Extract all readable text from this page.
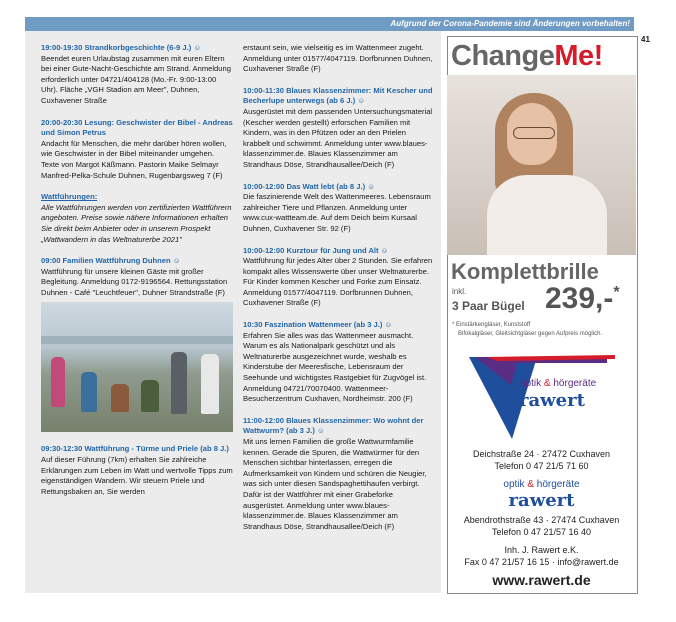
Aufgrund der Corona-Pandemie sind Änderungen vorbehalten!
41
19:00-19:30 Strandkorbgeschichte (6-9 J.) ☺
Beendet euren Urlaubstag zusammen mit euren Eltern bei einer Gute-Nacht-Geschichte am Strand. Anmeldung erforderlich unter 04721/404128 (Mo.-Fr. 9:00-13:00 Uhr). Fläche „VGH Stadion am Meer", Duhnen, Cuxhavener Straße
20:00-20:30 Lesung: Geschwister der Bibel - Andreas und Simon Petrus
Andacht für Menschen, die mehr darüber hören wollen, wie Geschwister in der Bibel miteinander umgehen. Texte von Margot Käßmann. Pastorin Maike Selmayr Manfred-Pelka-Schule Duhnen, Rugenbargsweg 7 (F)
Wattführungen:
Alle Wattführungen werden von zertifizierten Wattführern angeboten. Preise sowie nähere Informationen erhalten Sie direkt beim Anbieter oder in unserem Prospekt „Wattwandern in das Weltnaturerbe 2021"
09:00 Familien Wattführung Duhnen ☺
Wattführung für unsere kleinen Gäste mit großer Begleitung. Anmeldung 0172-9196564. Rettungsstation Duhnen - Café "Leuchtfeuer", Duhner Strandstraße (F)
09:30-12:30 Wattführung - Türme und Priele (ab 8 J.)
Auf dieser Führung (7km) erhalten Sie zahlreiche Erklärungen zum Leben im Watt und wertvolle Tipps zum eigenständigen Wandern. Wir steuern Priele und Rettungsbaken an, Sie werden
erstaunt sein, wie vielseitig es im Wattenmeer zugeht. Anmeldung unter 01577/4047119. Dorfbrunnen Duhnen, Cuxhavener Straße (F)
10:00-11:30 Blaues Klassenzimmer: Mit Kescher und Becherlupe unterwegs (ab 6 J.) ☺
Ausgerüstet mit dem passenden Untersuchungsmaterial (Kescher werden gestellt) erforschen Familien mit Kindern, was in den Pfützen oder an den Prielen krabbelt und schwimmt. Anmeldung unter www.blaues-klassenzimmer.de. Blaues Klassenzimmer am Strandhaus Döse, Strandhausallee/Deich (F)
10:00-12:00 Das Watt lebt (ab 8 J.) ☺
Die faszinierende Welt des Wattenmeeres. Lebensraum zahlreicher Tiere und Pflanzen. Anmeldung unter www.cux-wattteam.de. Auf dem Deich beim Kursaal Duhnen, Cuxhavener Str. 92 (F)
10:00-12:00 Kurztour für Jung und Alt ☺
Wattführung für jedes Alter über 2 Stunden. Sie erfahren kompakt alles Wissenswerte über unser Weltnaturerbe. Für Kinder kommen Kescher und Forke zum Einsatz. Anmeldung 01577/4047119. Dorfbrunnen Duhnen, Cuxhavener Straße (F)
10:30 Faszination Wattenmeer (ab 3 J.) ☺
Erfahren Sie alles was das Wattenmeer ausmacht. Warum es als Nationalpark geschützt und als Weltnaturerbe ausgezeichnet wurde, weshalb es Kinderstube der Meeresfische, Lebensraum der Seehunde und wichtigstes Rastgebiet für Zugvögel ist. Anmeldung 04721/70070400. Wattenmeer-Besucherzentrum Cuxhaven, Nordheimstr. 200 (F)
11:00-12:00 Blaues Klassenzimmer: Wo wohnt der Wattwurm? (ab 3 J.) ☺
Mit uns lernen Familien die große Wattwurmfamilie kennen. Gerade die Spuren, die Wattwürmer für den Menschen sichtbar hinterlassen, erregen die Aufmerksamkeit von Kindern und schüren die Neugier, was sich unter diesen Sandspaghettihaufen verbirgt. Dafür ist der Wattführer mit einer Grabeforke ausgerüstet. Anmeldung unter www.blaues-klassenzimmer.de. Blaues Klassenzimmer am Strandhaus Döse, Strandhausallee/Deich (F)
ChangeMe!
Komplettbrille
inkl.
3 Paar Bügel 239,-*
* Einstärkengläser, Kunststoff
Bifokalgläser, Gleitsichtgläser gegen Aufpreis möglich.
optik & hörgeräte
rawert
Deichstraße 24 · 27472 Cuxhaven
Telefon 0 47 21/5 71 60
optik & hörgeräte
rawert
Abendrothstraße 43 · 27474 Cuxhaven
Telefon 0 47 21/57 16 40
Inh. J. Rawert e.K.
Fax 0 47 21/57 16 15 · info@rawert.de
www.rawert.de
